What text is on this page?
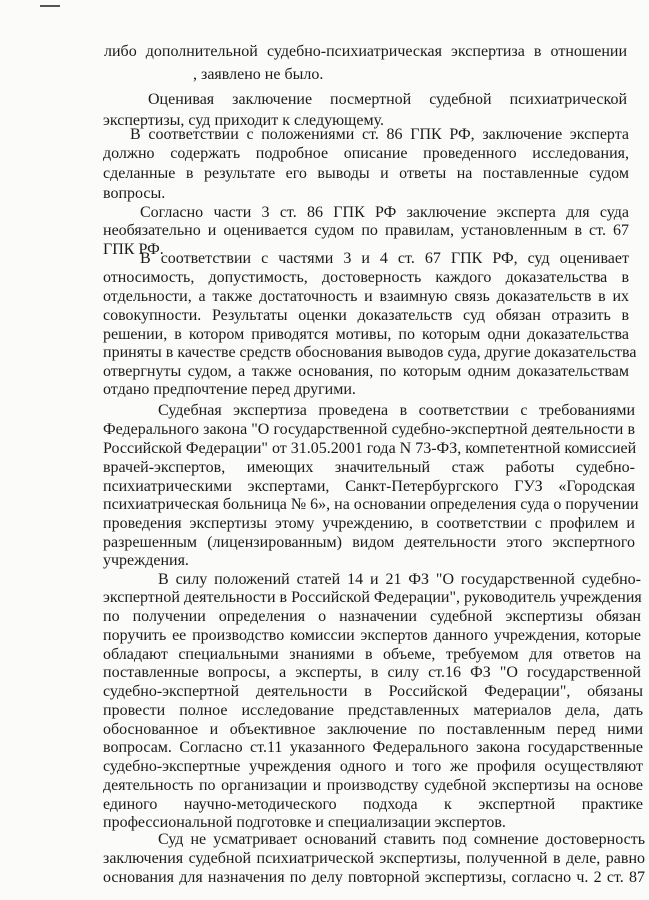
либо дополнительной судебно-психиатрическая экспертиза в отношении
, заявлено не было.
Оценивая заключение посмертной судебной психиатрической
экспертизы, суд приходит к следующему.
В соответствии с положениями ст. 86 ГПК РФ, заключение эксперта
должно содержать подробное описание проведенного исследования,
сделанные в результате его выводы и ответы на поставленные судом
вопросы.
Согласно части 3 ст. 86 ГПК РФ заключение эксперта для суда
необязательно и оценивается судом по правилам, установленным в ст. 67
ГПК РФ.
В соответствии с частями 3 и 4 ст. 67 ГПК РФ, суд оценивает
относимость, допустимость, достоверность каждого доказательства в
отдельности, а также достаточность и взаимную связь доказательств в их
совокупности. Результаты оценки доказательств суд обязан отразить в
решении, в котором приводятся мотивы, по которым одни доказательства
приняты в качестве средств обоснования выводов суда, другие доказательства
отвергнуты судом, а также основания, по которым одним доказательствам
отдано предпочтение перед другими.
Судебная экспертиза проведена в соответствии с требованиями
Федерального закона "О государственной судебно-экспертной деятельности в
Российской Федерации" от 31.05.2001 года N 73-ФЗ, компетентной комиссией
врачей-экспертов, имеющих значительный стаж работы судебно-
психиатрическими экспертами, Санкт-Петербургского ГУЗ «Городская
психиатрическая больница № 6», на основании определения суда о поручении
проведения экспертизы этому учреждению, в соответствии с профилем и
разрешенным (лицензированным) видом деятельности этого экспертного
учреждения.
В силу положений статей 14 и 21 ФЗ "О государственной судебно-
экспертной деятельности в Российской Федерации", руководитель учреждения
по получении определения о назначении судебной экспертизы обязан
поручить ее производство комиссии экспертов данного учреждения, которые
обладают специальными знаниями в объеме, требуемом для ответов на
поставленные вопросы, а эксперты, в силу ст.16 ФЗ "О государственной
судебно-экспертной деятельности в Российской Федерации", обязаны
провести полное исследование представленных материалов дела, дать
обоснованное и объективное заключение по поставленным перед ними
вопросам. Согласно ст.11 указанного Федерального закона государственные
судебно-экспертные учреждения одного и того же профиля осуществляют
деятельность по организации и производству судебной экспертизы на основе
единого научно-методического подхода к экспертной практике
профессиональной подготовке и специализации экспертов.
Суд не усматривает оснований ставить под сомнение достоверность
заключения судебной психиатрической экспертизы, полученной в деле, равно
основания для назначения по делу повторной экспертизы, согласно ч. 2 ст. 87
